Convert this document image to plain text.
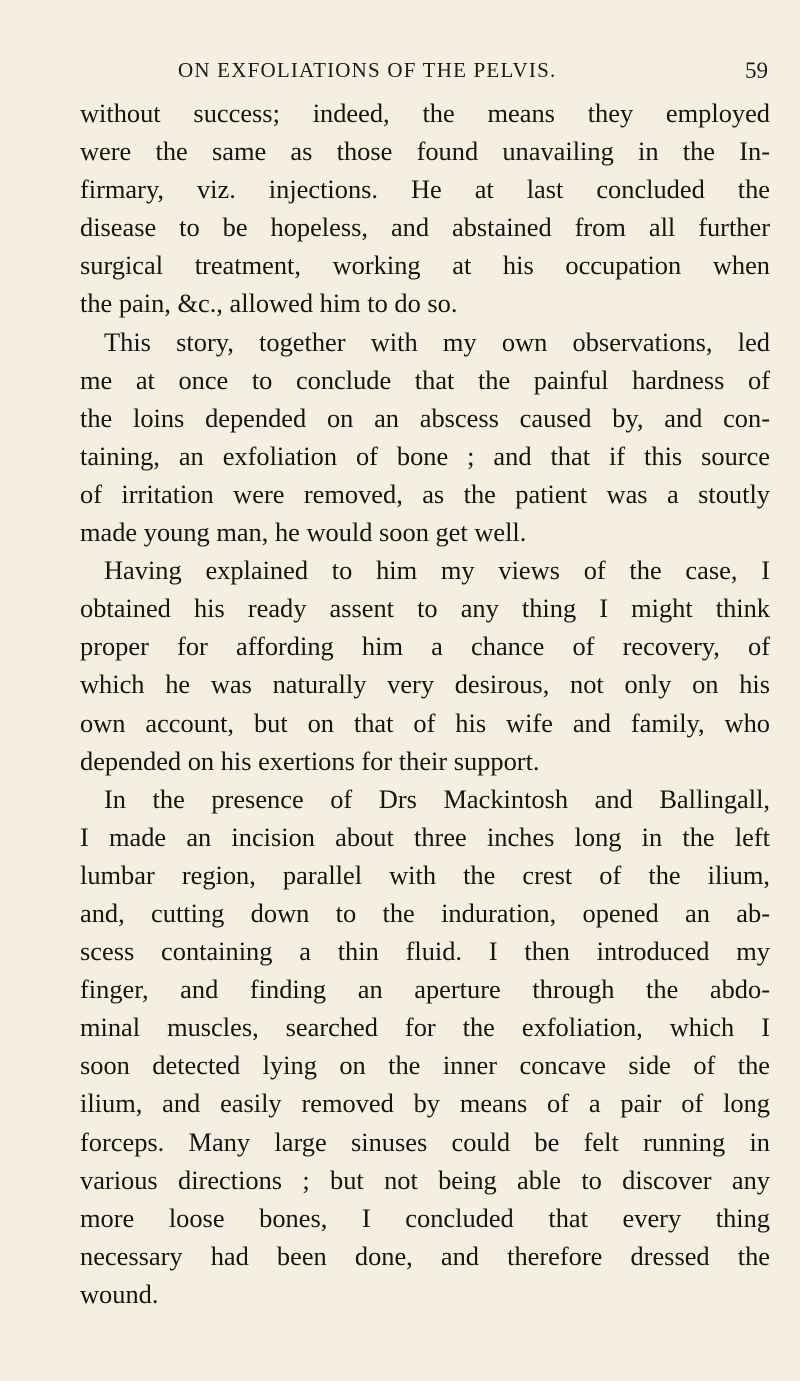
ON EXFOLIATIONS OF THE PELVIS.	59
without success; indeed, the means they employed
were the same as those found unavailing in the In-
firmary, viz. injections. He at last concluded the
disease to be hopeless, and abstained from all further
surgical treatment, working at his occupation when
the pain, &c., allowed him to do so.
This story, together with my own observations, led
me at once to conclude that the painful hardness of
the loins depended on an abscess caused by, and con-
taining, an exfoliation of bone ; and that if this source
of irritation were removed, as the patient was a stoutly
made young man, he would soon get well.
Having explained to him my views of the case, I
obtained his ready assent to any thing I might think
proper for affording him a chance of recovery, of
which he was naturally very desirous, not only on his
own account, but on that of his wife and family, who
depended on his exertions for their support.
In the presence of Drs Mackintosh and Ballingall,
I made an incision about three inches long in the left
lumbar region, parallel with the crest of the ilium,
and, cutting down to the induration, opened an ab-
scess containing a thin fluid. I then introduced my
finger, and finding an aperture through the abdo-
minal muscles, searched for the exfoliation, which I
soon detected lying on the inner concave side of the
ilium, and easily removed by means of a pair of long
forceps. Many large sinuses could be felt running in
various directions ; but not being able to discover any
more loose bones, I concluded that every thing
necessary had been done, and therefore dressed the
wound.
